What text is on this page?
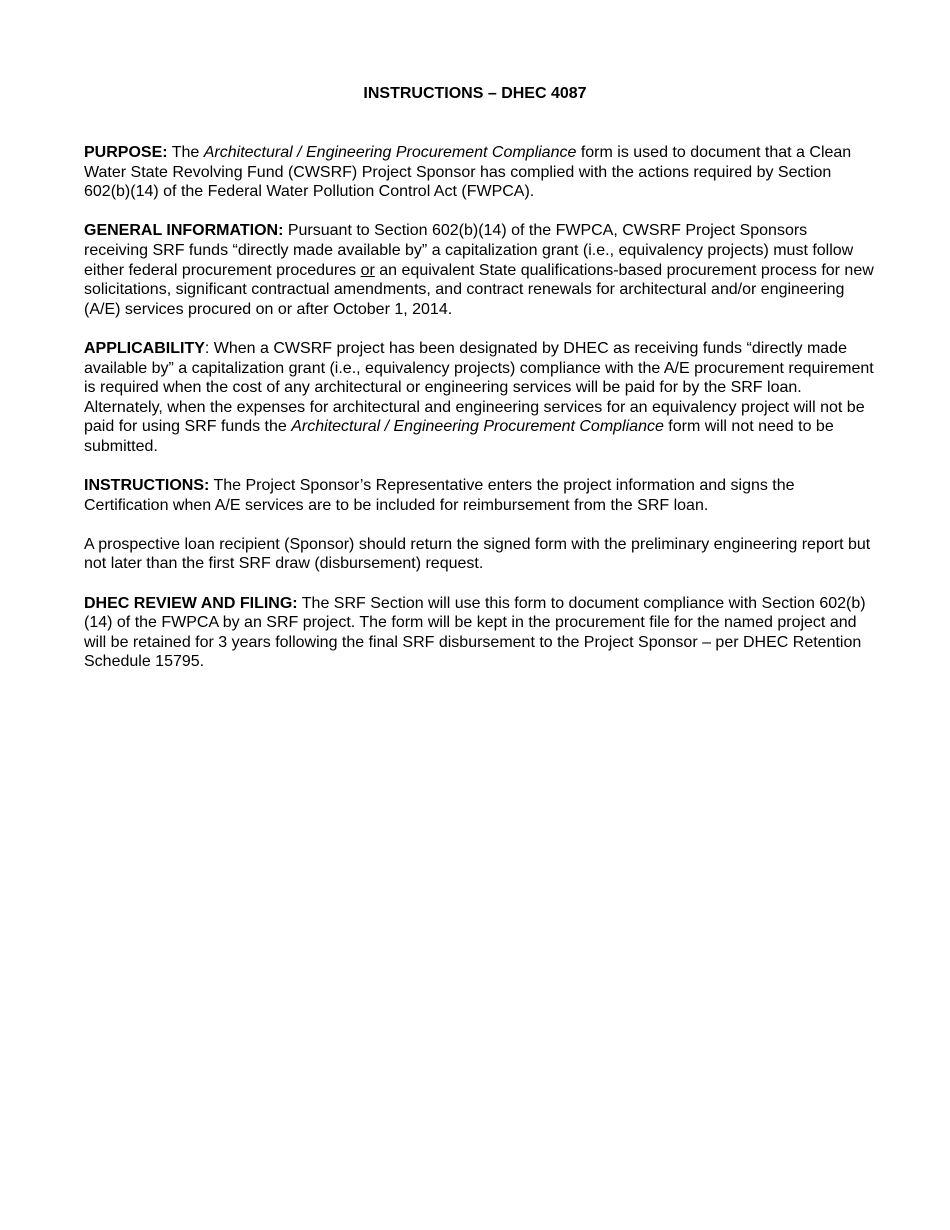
INSTRUCTIONS – DHEC 4087

PURPOSE: The Architectural / Engineering Procurement Compliance form is used to document that a Clean Water State Revolving Fund (CWSRF) Project Sponsor has complied with the actions required by Section 602(b)(14) of the Federal Water Pollution Control Act (FWPCA).

GENERAL INFORMATION: Pursuant to Section 602(b)(14) of the FWPCA, CWSRF Project Sponsors receiving SRF funds “directly made available by” a capitalization grant (i.e., equivalency projects) must follow either federal procurement procedures or an equivalent State qualifications-based procurement process for new solicitations, significant contractual amendments, and contract renewals for architectural and/or engineering (A/E) services procured on or after October 1, 2014.

APPLICABILITY: When a CWSRF project has been designated by DHEC as receiving funds “directly made available by” a capitalization grant (i.e., equivalency projects) compliance with the A/E procurement requirement is required when the cost of any architectural or engineering services will be paid for by the SRF loan. Alternately, when the expenses for architectural and engineering services for an equivalency project will not be paid for using SRF funds the Architectural / Engineering Procurement Compliance form will not need to be submitted.

INSTRUCTIONS: The Project Sponsor’s Representative enters the project information and signs the Certification when A/E services are to be included for reimbursement from the SRF loan.

A prospective loan recipient (Sponsor) should return the signed form with the preliminary engineering report but not later than the first SRF draw (disbursement) request.

DHEC REVIEW AND FILING: The SRF Section will use this form to document compliance with Section 602(b)(14) of the FWPCA by an SRF project. The form will be kept in the procurement file for the named project and will be retained for 3 years following the final SRF disbursement to the Project Sponsor – per DHEC Retention Schedule 15795.
